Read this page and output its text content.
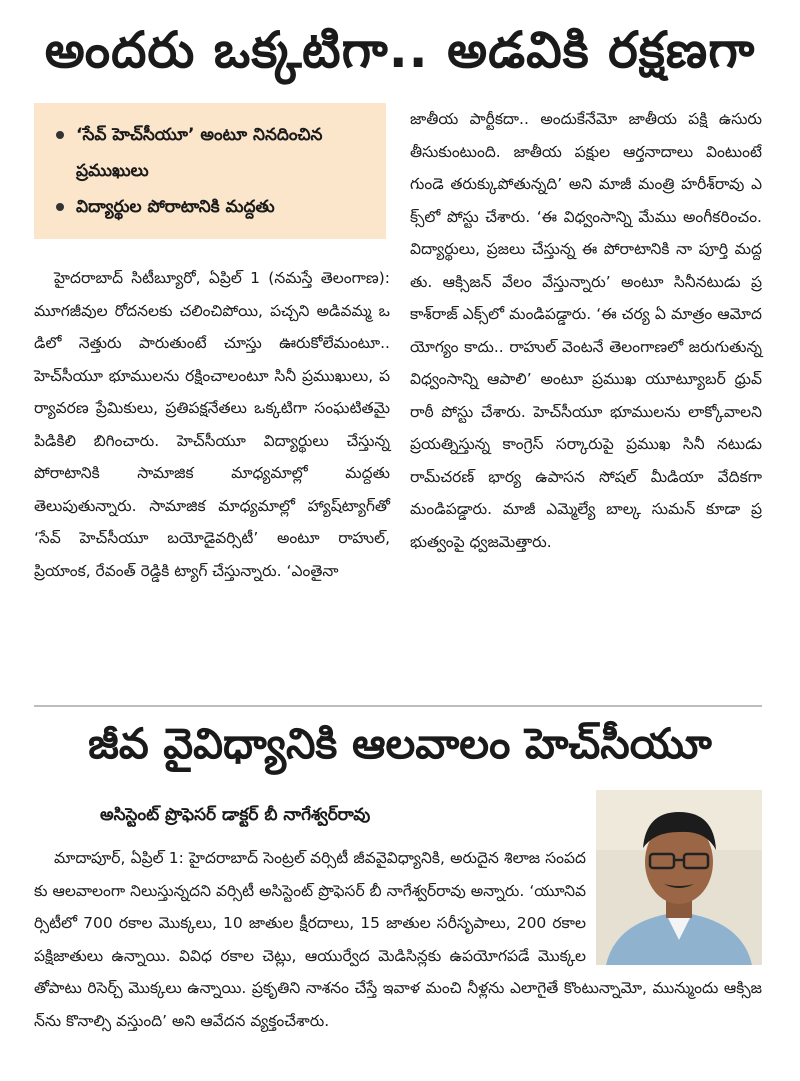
అందరు ఒక్కటిగా.. అడవికి రక్షణగా
‘సేవ్ హెచ్‌సీయూ’ అంటూ నినదించిన ప్రముఖులు
విద్యార్థుల పోరాటానికి మద్దతు
హైదరాబాద్ సిటీబ్యూరో, ఏప్రిల్ 1 (నమస్తే తెలంగాణ): మూగజీవుల రోదనలకు చలించిపోయి, పచ్చని అడివమ్మ ఒడిలో నెత్తురు పారుతుంటే చూస్తు ఊరుకోలేమంటూ.. హెచ్‌సీయూ భూములను రక్షించాలంటూ సినీ ప్రముఖులు, పర్యావరణ ప్రేమికులు, ప్రతిపక్షనేతలు ఒక్కటిగా సంఘటితమై పిడికిలి బిగించారు. హెచ్‌సీయూ విద్యార్థులు చేస్తున్న పోరాటానికి సామాజిక మాధ్యమాల్లో మద్దతు తెలుపుతున్నారు. సామాజిక మాధ్యమాల్లో హ్యాష్‌ట్యాగ్‌తో ‘సేవ్ హెచ్‌సీయూ బయోడైవర్సిటీ’ అంటూ రాహుల్, ప్రియాంక, రేవంత్ రెడ్డికి ట్యాగ్ చేస్తున్నారు. ‘ఎంతైనా
జాతీయ పార్టీకదా.. అందుకేనేమో జాతీయ పక్షి ఉసురు తీసుకుంటుంది. జాతీయ పక్షుల ఆర్తనాదాలు వింటుంటే గుండె తరుక్కుపోతున్నది’ అని మాజీ మంత్రి హరీశ్‌రావు ఎక్స్‌లో పోస్టు చేశారు. ‘ఈ విధ్వంసాన్ని మేము అంగీకరించం. విద్యార్థులు, ప్రజలు చేస్తున్న ఈ పోరాటానికి నా పూర్తి మద్దతు. ఆక్సిజన్ వేలం వేస్తున్నారు’ అంటూ సినీనటుడు ప్రకాశ్‌రాజ్ ఎక్స్‌లో మండిపడ్డారు. ‘ఈ చర్య ఏ మాత్రం ఆమోదయోగ్యం కాదు.. రాహుల్ వెంటనే తెలంగాణలో జరుగుతున్న విధ్వంసాన్ని ఆపాలి’ అంటూ ప్రముఖ యూట్యూబర్ ధ్రువ్ రాఠీ పోస్టు చేశారు. హెచ్‌సీయూ భూములను లాక్కోవాలని ప్రయత్నిస్తున్న కాంగ్రెస్ సర్కారుపై ప్రముఖ సినీ నటుడు రామ్‌చరణ్ భార్య ఉపాసన సోషల్ మీడియా వేదికగా మండిపడ్డారు. మాజీ ఎమ్మెల్యే బాల్క సుమన్ కూడా ప్రభుత్వంపై ధ్వజమెత్తారు.
జీవ వైవిధ్యానికి ఆలవాలం హెచ్‌సీయూ
అసిస్టెంట్ ప్రొఫెసర్ డాక్టర్ బీ నాగేశ్వర్‌రావు
మాదాపూర్, ఏప్రిల్ 1: హైదరాబాద్ సెంట్రల్ వర్సిటీ జీవవైవిధ్యానికి, అరుదైన శిలాజ సంపదకు ఆలవాలంగా నిలుస్తున్నదని వర్సిటీ అసిస్టెంట్ ప్రొఫెసర్ బీ నాగేశ్వర్‌రావు అన్నారు. ‘యూనివర్సిటీలో 700 రకాల మొక్కలు, 10 జాతుల క్షీరదాలు, 15 జాతుల సరీసృపాలు, 200 రకాల పక్షిజాతులు ఉన్నాయి. వివిధ రకాల చెట్లు, ఆయుర్వేద మెడిసిన్లకు ఉపయోగపడే మొక్కలతోపాటు రిసెర్చ్ మొక్కలు ఉన్నాయి. ప్రకృతిని నాశనం చేస్తే ఇవాళ మంచి నీళ్లను ఎలాగైతే కొంటున్నామో, మున్ముందు ఆక్సిజన్‌ను కొనాల్సి వస్తుంది’ అని ఆవేదన వ్యక్తంచేశారు.
